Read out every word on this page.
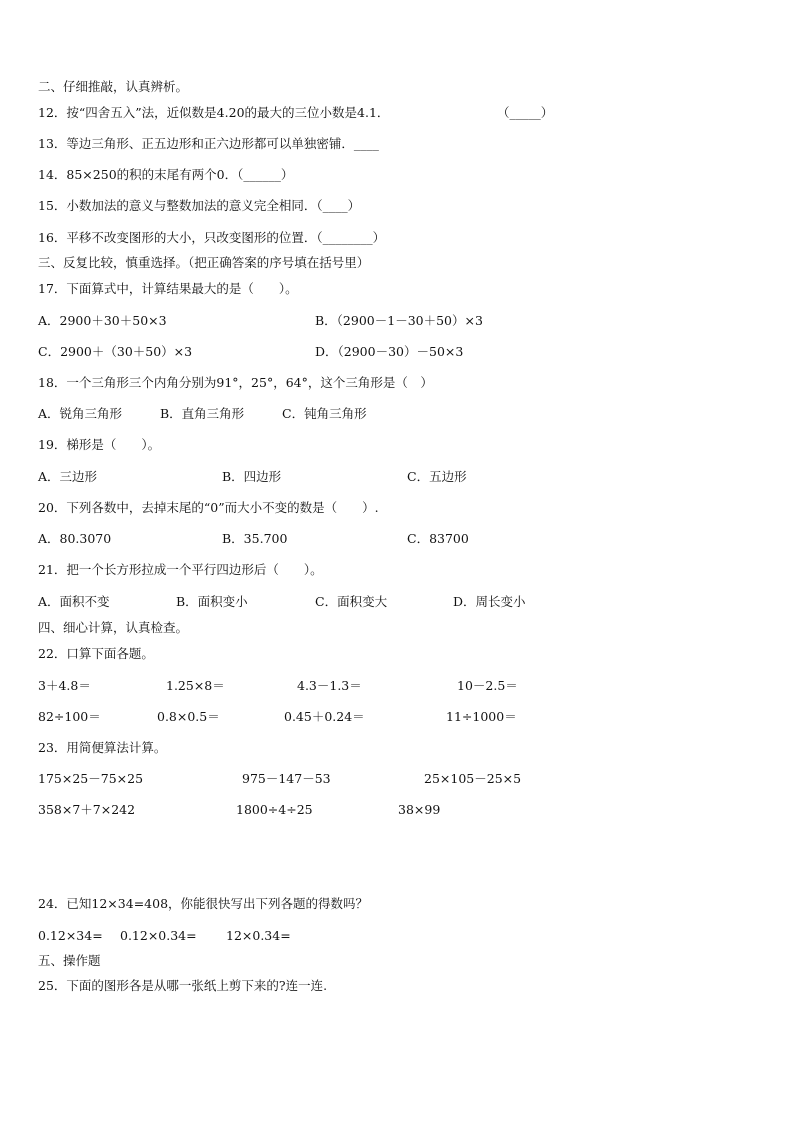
二、仔细推敲，认真辨析。
12．按“四舍五入”法，近似数是4.20的最大的三位小数是4.1．	（_____）
13．等边三角形、正五边形和正六边形都可以单独密铺．____
14．85×250的积的末尾有两个0．（______）
15．小数加法的意义与整数加法的意义完全相同．（____）
16．平移不改变图形的大小，只改变图形的位置．（________）
三、反复比较，慎重选择。（把正确答案的序号填在括号里）
17．下面算式中，计算结果最大的是（　　）。
A．2900＋30＋50×3	B．（2900－1－30＋50）×3
C．2900＋（30＋50）×3	D．（2900－30）－50×3
18．一个三角形三个内角分别为91°，25°，64°，这个三角形是（　）
A．锐角三角形	B．直角三角形	C．钝角三角形
19．梯形是（　　）。
A．三边形	B．四边形	C．五边形
20．下列各数中，去掉末尾的“0”而大小不变的数是（　　）.
A．80.3070	B．35.700	C．83700
21．把一个长方形拉成一个平行四边形后（　　）。
A．面积不变	B．面积变小	C．面积变大	D．周长变小
四、细心计算，认真检查。
22．口算下面各题。
3＋4.8＝	1.25×8＝	4.3－1.3＝	10－2.5＝
82÷100＝	0.8×0.5＝	0.45＋0.24＝	11÷1000＝
23．用简便算法计算。
175×25－75×25	975－147－53	25×105－25×5
358×7＋7×242	1800÷4÷25	38×99
24．已知12×34=408，你能很快写出下列各题的得数吗？
0.12×34= 0.12×0.34= 12×0.34=
五、操作题
25．下面的图形各是从哪一张纸上剪下来的?连一连.
